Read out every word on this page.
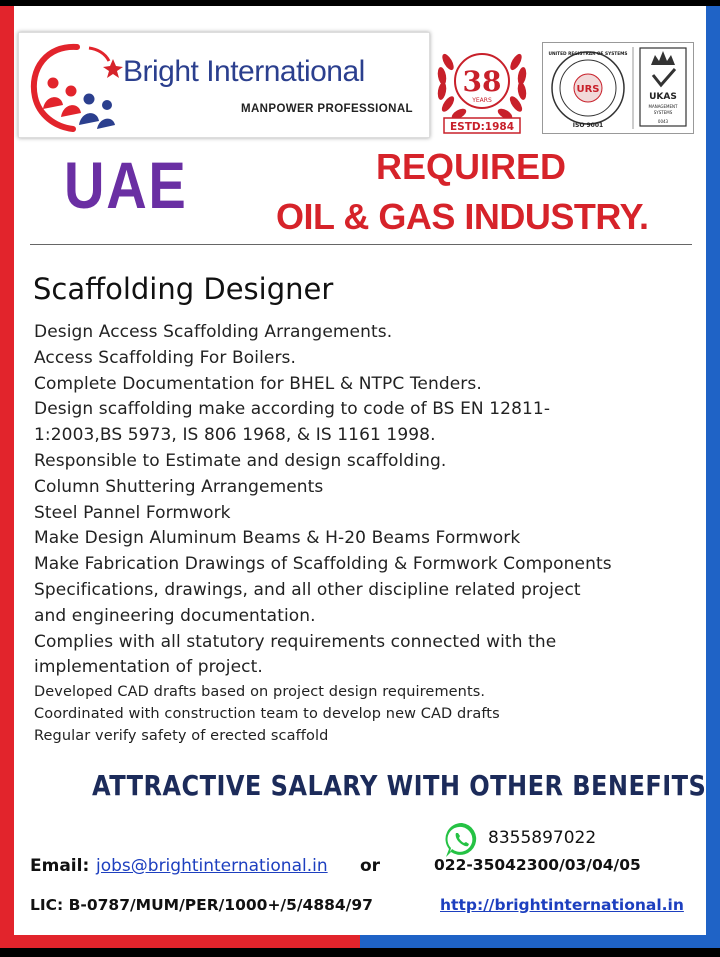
Bright International
MANPOWER PROFESSIONAL
38
YEARS
ESTD:1984
UNITED REGISTRAR OF SYSTEMS
URS
ISO 9001
UKAS
MANAGEMENT
SYSTEMS
0043
UAE	REQUIRED
OIL & GAS INDUSTRY.
Scaffolding Designer
Design Access Scaffolding Arrangements.
Access Scaffolding For Boilers.
Complete Documentation for BHEL & NTPC Tenders.
Design scaffolding make according to code of BS EN 12811-
1:2003,BS 5973, IS 806 1968, & IS 1161 1998.
Responsible to Estimate and design scaffolding.
Column Shuttering Arrangements
Steel Pannel Formwork
Make Design Aluminum Beams & H-20 Beams Formwork
Make Fabrication Drawings of Scaffolding & Formwork Components
Specifications, drawings, and all other discipline related project
and engineering documentation.
Complies with all statutory requirements connected with the
implementation of project.
Developed CAD drafts based on project design requirements.
Coordinated with construction team to develop new CAD drafts
Regular verify safety of erected scaffold
ATTRACTIVE SALARY WITH OTHER BENEFITS
8355897022
Email: jobs@brightinternational.in or	022-35042300/03/04/05
LIC: B-0787/MUM/PER/1000+/5/4884/97	http://brightinternational.in
